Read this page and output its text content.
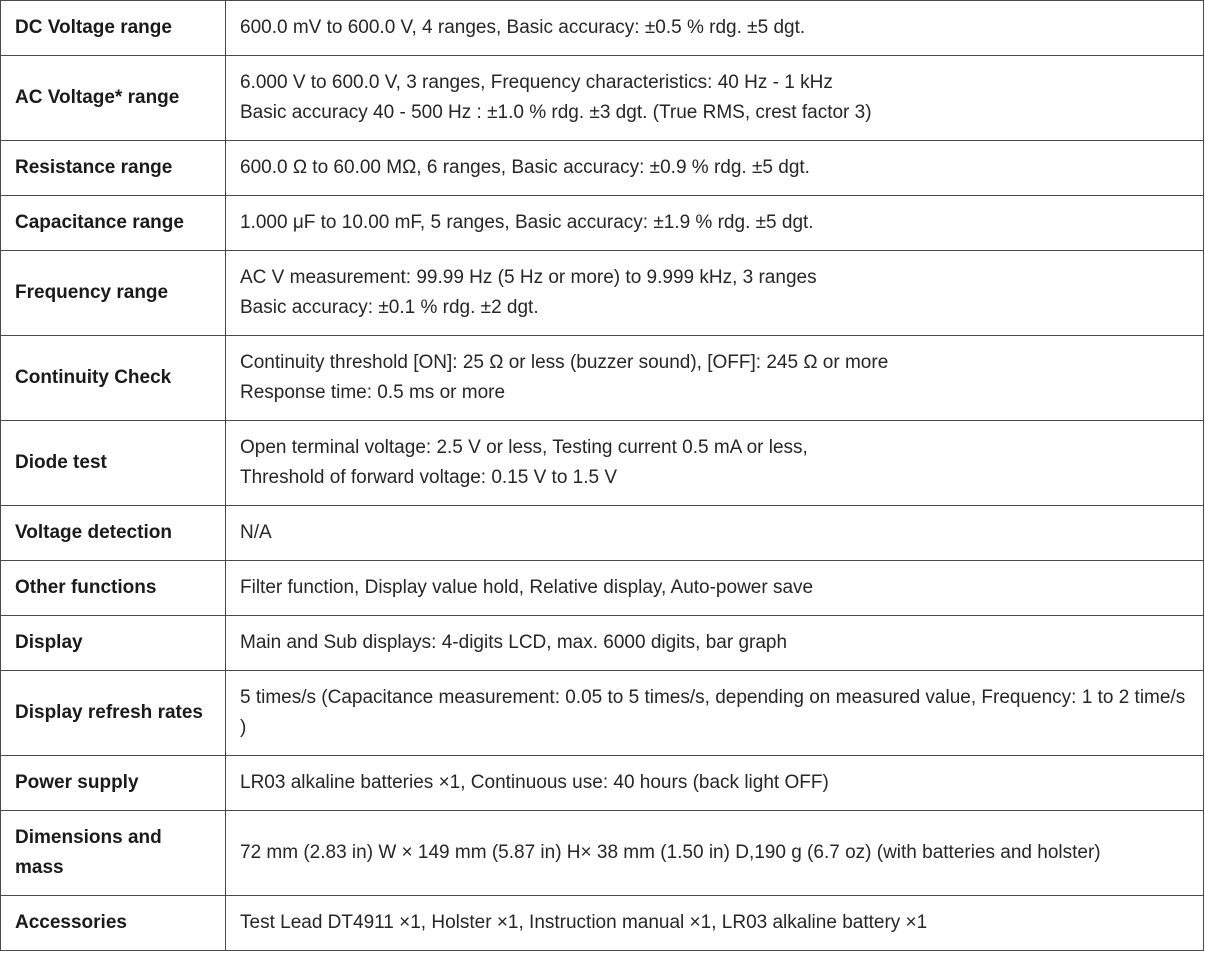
DC Voltage range	600.0 mV to 600.0 V, 4 ranges, Basic accuracy: ±0.5 % rdg. ±5 dgt.

AC Voltage* range	6.000 V to 600.0 V, 3 ranges, Frequency characteristics: 40 Hz - 1 kHz
Basic accuracy 40 - 500 Hz : ±1.0 % rdg. ±3 dgt. (True RMS, crest factor 3)

Resistance range	600.0 Ω to 60.00 MΩ, 6 ranges, Basic accuracy: ±0.9 % rdg. ±5 dgt.

Capacitance range	1.000 μF to 10.00 mF, 5 ranges, Basic accuracy: ±1.9 % rdg. ±5 dgt.

Frequency range	AC V measurement: 99.99 Hz (5 Hz or more) to 9.999 kHz, 3 ranges
Basic accuracy: ±0.1 % rdg. ±2 dgt.

Continuity Check	Continuity threshold [ON]: 25 Ω or less (buzzer sound), [OFF]: 245 Ω or more
Response time: 0.5 ms or more

Diode test	Open terminal voltage: 2.5 V or less, Testing current 0.5 mA or less,
Threshold of forward voltage: 0.15 V to 1.5 V

Voltage detection	N/A

Other functions	Filter function, Display value hold, Relative display, Auto-power save

Display	Main and Sub displays: 4-digits LCD, max. 6000 digits, bar graph

Display refresh rates	5 times/s (Capacitance measurement: 0.05 to 5 times/s, depending on measured value, Frequency: 1 to 2 time/s )

Power supply	LR03 alkaline batteries ×1, Continuous use: 40 hours (back light OFF)

Dimensions and mass	72 mm (2.83 in) W × 149 mm (5.87 in) H× 38 mm (1.50 in) D,190 g (6.7 oz) (with batteries and holster)

Accessories	Test Lead DT4911 ×1, Holster ×1, Instruction manual ×1, LR03 alkaline battery ×1
